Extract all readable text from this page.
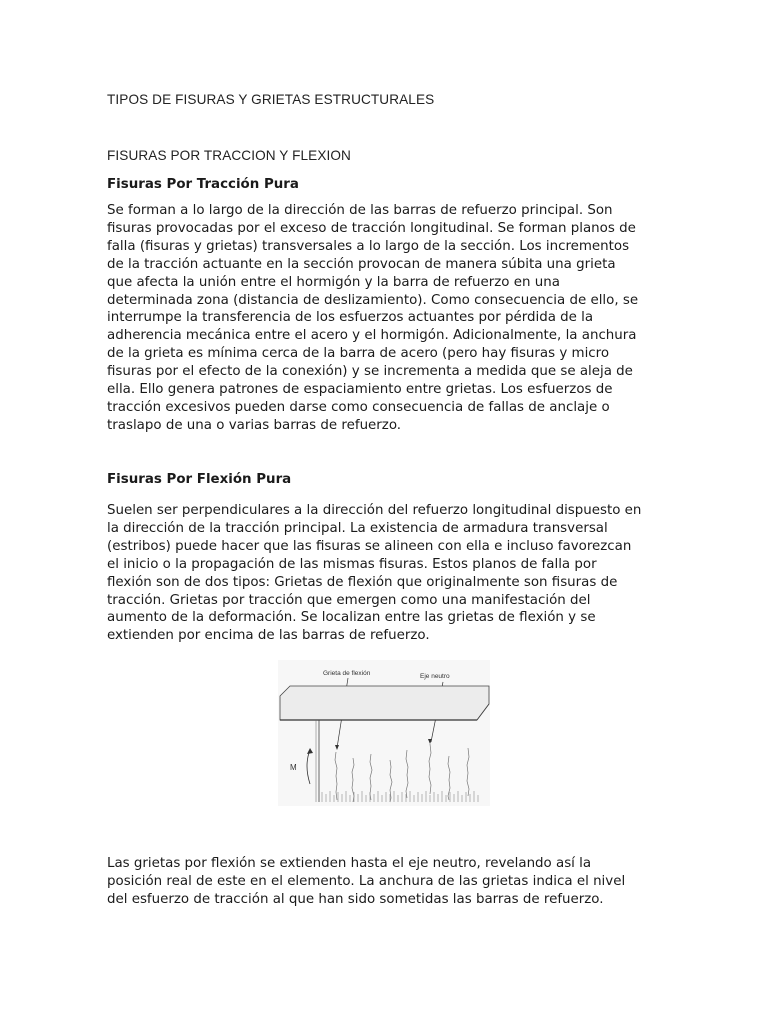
TIPOS DE FISURAS Y GRIETAS ESTRUCTURALES
FISURAS POR TRACCION Y FLEXION
Fisuras Por Tracción Pura
Se forman a lo largo de la dirección de las barras de refuerzo principal. Son
fisuras provocadas por el exceso de tracción longitudinal. Se forman planos de
falla (fisuras y grietas) transversales a lo largo de la sección. Los incrementos
de la tracción actuante en la sección provocan de manera súbita una grieta
que afecta la unión entre el hormigón y la barra de refuerzo en una
determinada zona (distancia de deslizamiento). Como consecuencia de ello, se
interrumpe la transferencia de los esfuerzos actuantes por pérdida de la
adherencia mecánica entre el acero y el hormigón. Adicionalmente, la anchura
de la grieta es mínima cerca de la barra de acero (pero hay fisuras y micro
fisuras por el efecto de la conexión) y se incrementa a medida que se aleja de
ella. Ello genera patrones de espaciamiento entre grietas. Los esfuerzos de
tracción excesivos pueden darse como consecuencia de fallas de anclaje o
traslapo de una o varias barras de refuerzo.
Fisuras Por Flexión Pura
Suelen ser perpendiculares a la dirección del refuerzo longitudinal dispuesto en
la dirección de la tracción principal. La existencia de armadura transversal
(estribos) puede hacer que las fisuras se alineen con ella e incluso favorezcan
el inicio o la propagación de las mismas fisuras. Estos planos de falla por
flexión son de dos tipos: Grietas de flexión que originalmente son fisuras de
tracción. Grietas por tracción que emergen como una manifestación del
aumento de la deformación. Se localizan entre las grietas de flexión y se
extienden por encima de las barras de refuerzo.
Grieta de flexión	Eje neutro
M
Las grietas por flexión se extienden hasta el eje neutro, revelando así la
posición real de este en el elemento. La anchura de las grietas indica el nivel
del esfuerzo de tracción al que han sido sometidas las barras de refuerzo.
